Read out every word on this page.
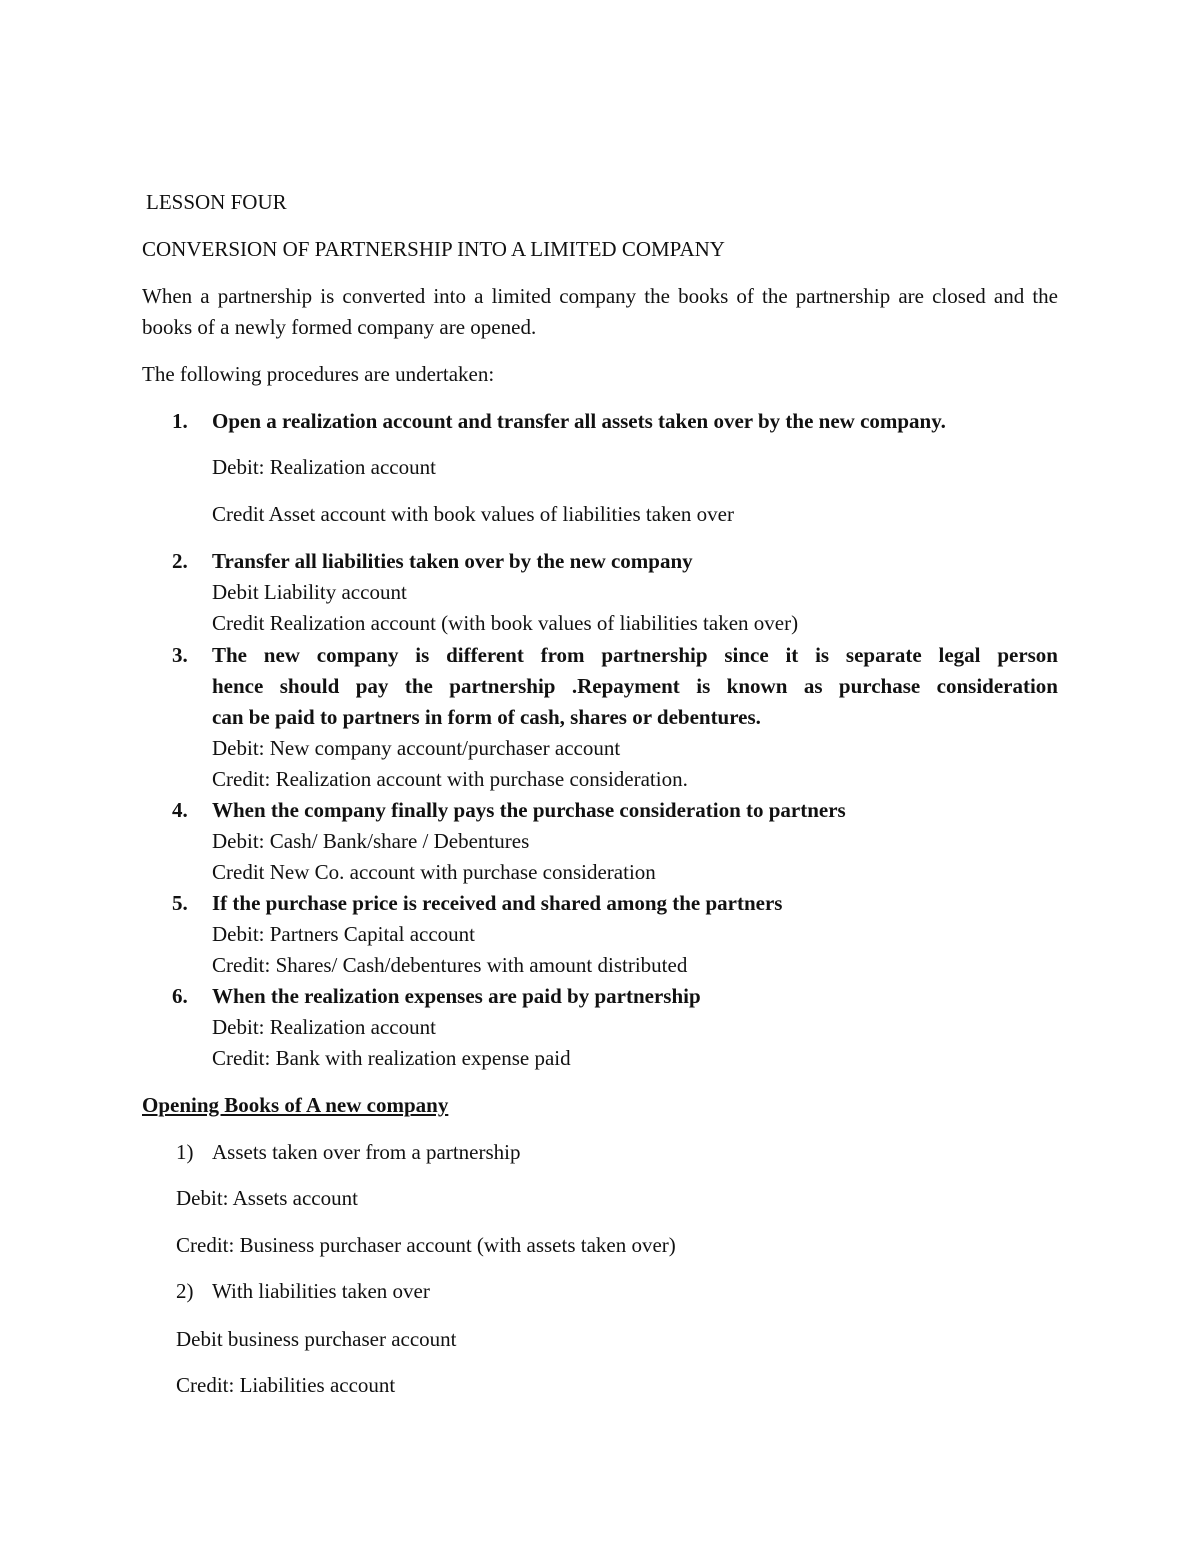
LESSON FOUR

CONVERSION OF PARTNERSHIP INTO A LIMITED COMPANY

When a partnership is converted into a limited company the books of the partnership are closed and the books of a newly formed company are opened.

The following procedures are undertaken:

1.	Open a realization account and transfer all assets taken over by the new company.

Debit: Realization account

Credit Asset account with book values of liabilities taken over

2.	Transfer all liabilities taken over by the new company

Debit Liability account

Credit Realization account (with book values of liabilities taken over)

3.	The new company is different from partnership since it is separate legal person
hence should pay the partnership .Repayment is known as purchase consideration
can be paid to partners in form of cash, shares or debentures.

Debit: New company account/purchaser account

Credit: Realization account with purchase consideration.

4.	When the company finally pays the purchase consideration to partners

Debit: Cash/ Bank/share / Debentures

Credit New Co. account with purchase consideration

5.	If the purchase price is received and shared among the partners

Debit: Partners Capital account

Credit: Shares/ Cash/debentures with amount distributed

6.	When the realization expenses are paid by partnership

Debit: Realization account

Credit: Bank with realization expense paid

Opening Books of A new company

1) Assets taken over from a partnership

Debit: Assets account

Credit: Business purchaser account (with assets taken over)

2) With liabilities taken over

Debit business purchaser account

Credit: Liabilities account
